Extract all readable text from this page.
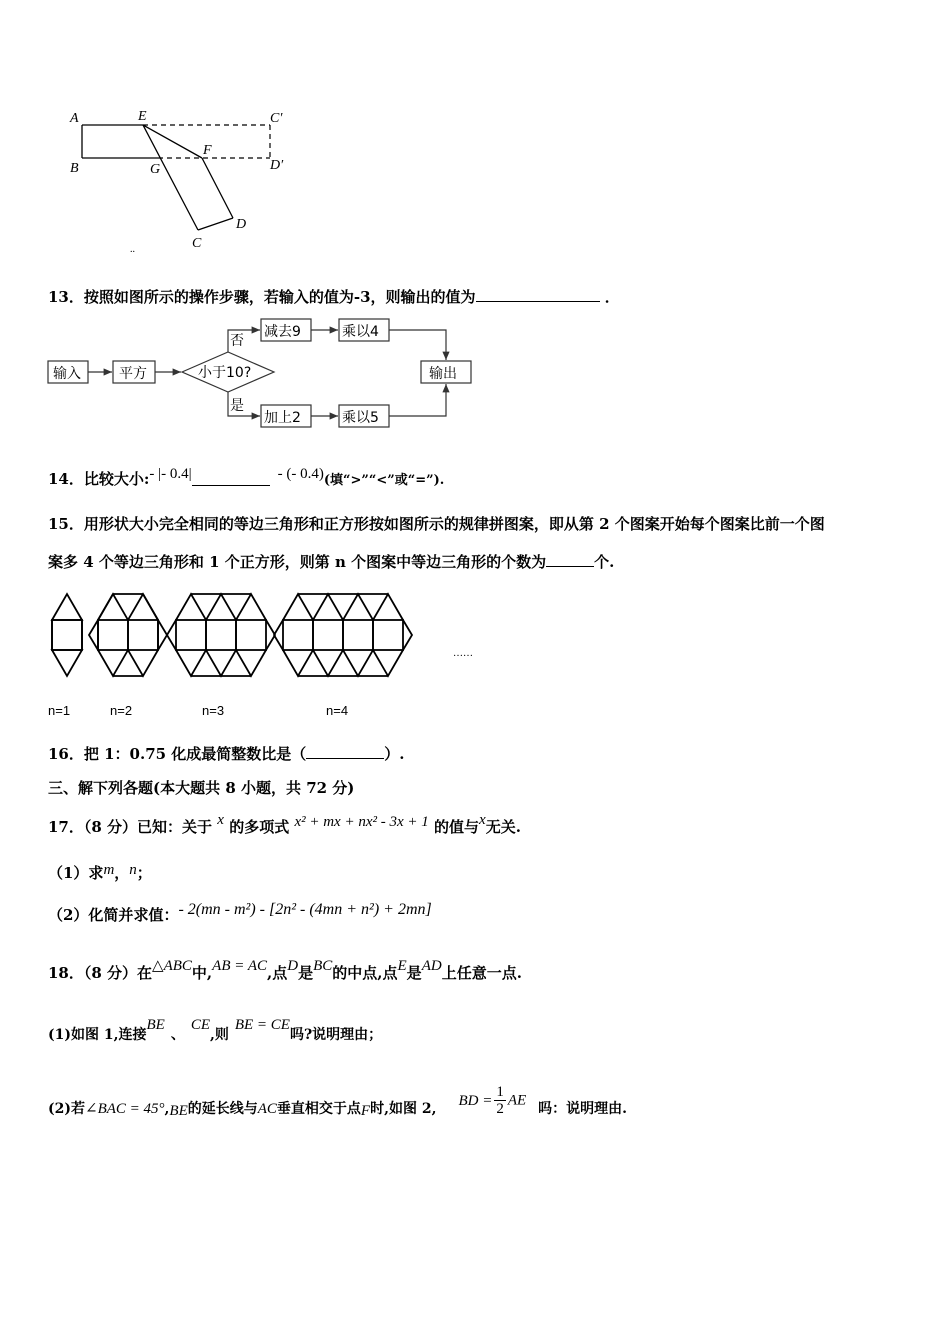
A
B
E
G
F
C
D
C′
D′
..
13．按照如图所示的操作步骤，若输入的值为-3，则输出的值为	．
输入	平方	小于10?
否
是
减去9	乘以4
加上2	乘以5
输出
14．比较大小:- |- 0.4|	- (- 0.4)(填“>”“<”或“=”).
15．用形状大小完全相同的等边三角形和正方形按如图所示的规律拼图案，即从第 2 个图案开始每个图案比前一个图
案多 4 个等边三角形和 1 个正方形，则第 n 个图案中等边三角形的个数为	个.
n=1	n=2	n=3	n=4
……
16．把 1：0.75 化成最简整数比是（	）.
三、解下列各题(本大题共 8 小题，共 72 分)
17．（8 分）已知：关于 x 的多项式 x² + mx + nx² - 3x + 1 的值与x无关.
（1）求m，n；
（2）化简并求值：- 2(mn - m²) - [2n² - (4mn + n²) + 2mn]
18．（8 分）在△ABC中,AB = AC,点D是BC的中点,点E是AD上任意一点.
(1)如图 1,连接BE、CE,则BE = CE吗?说明理由；
(2)若∠BAC = 45°,BE的延长线与AC垂直相交于点F时,如图 2, BD = $\frac{1}{2}$ AE 吗：说明理由.
